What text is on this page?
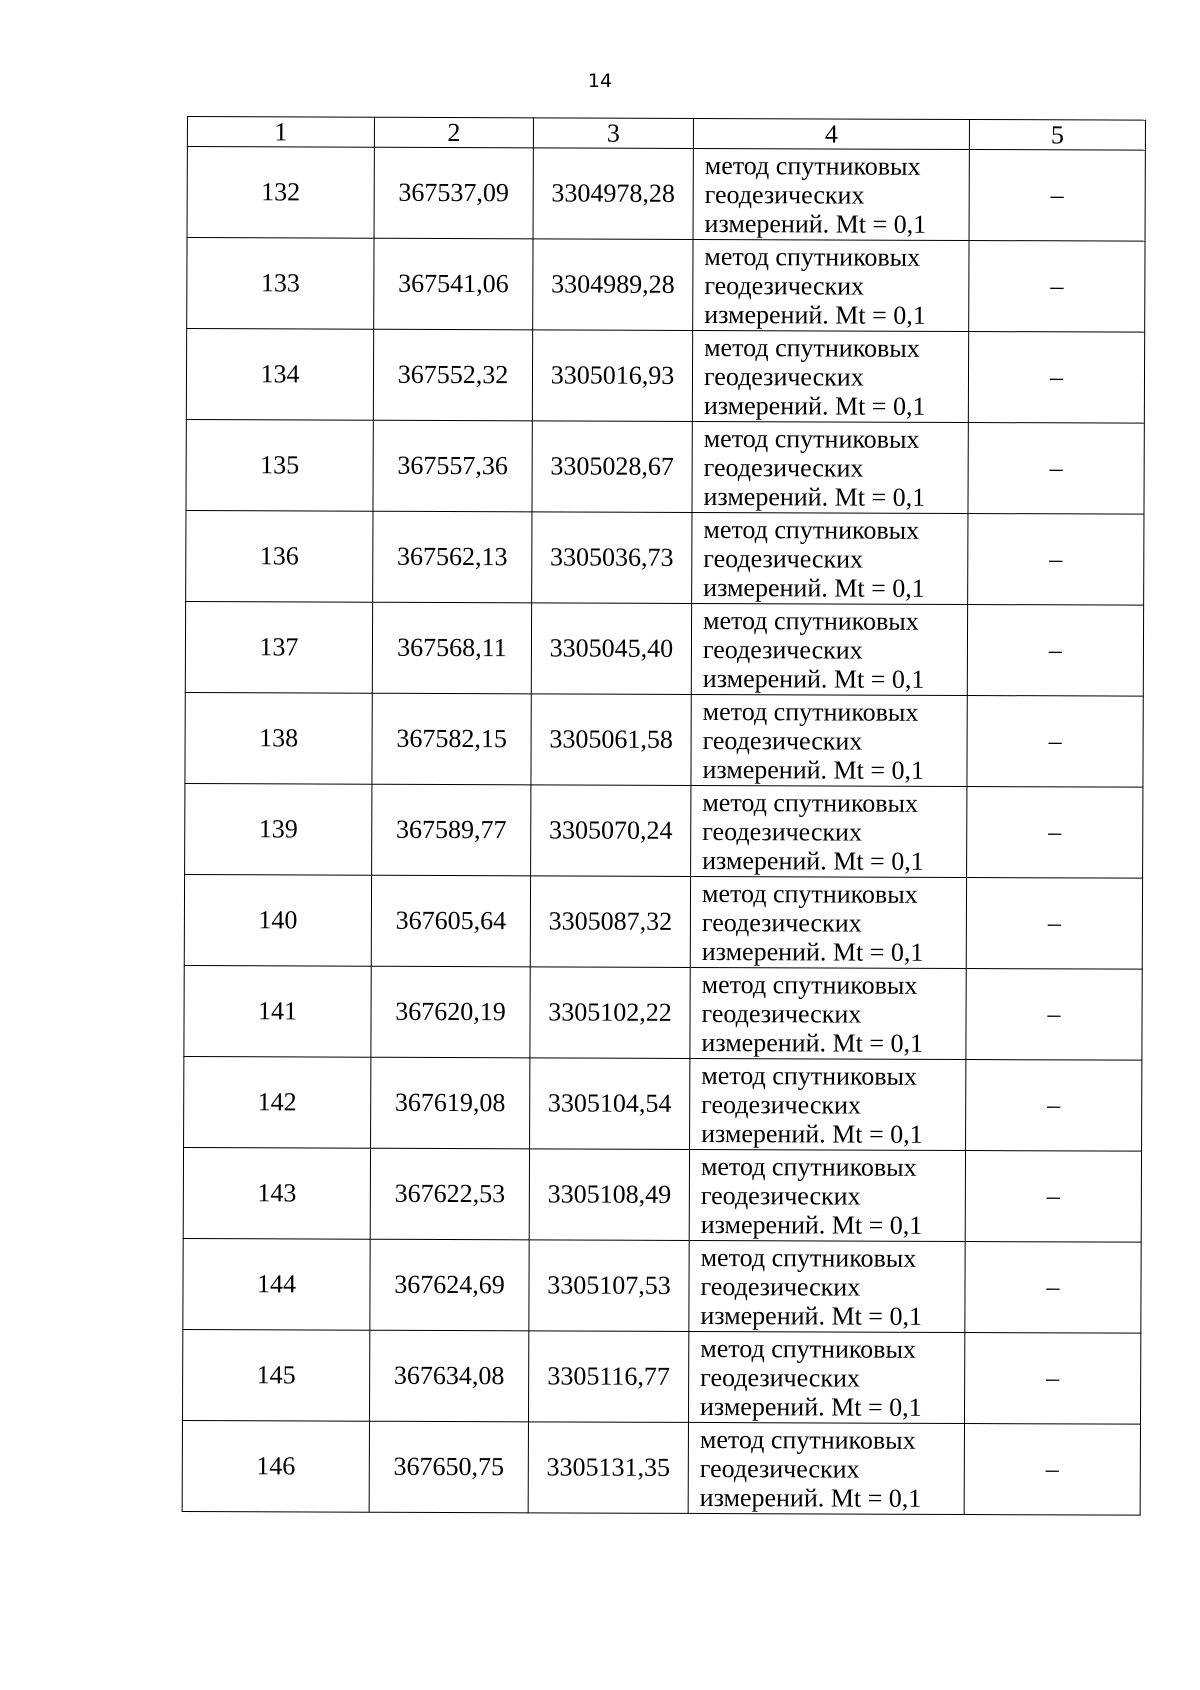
14
1	2	3	4	5
132	367537,09	3304978,28	метод спутниковых
геодезических
измерений. Mt = 0,1	–
133	367541,06	3304989,28	метод спутниковых
геодезических
измерений. Mt = 0,1	–
134	367552,32	3305016,93	метод спутниковых
геодезических
измерений. Mt = 0,1	–
135	367557,36	3305028,67	метод спутниковых
геодезических
измерений. Mt = 0,1	–
136	367562,13	3305036,73	метод спутниковых
геодезических
измерений. Mt = 0,1	–
137	367568,11	3305045,40	метод спутниковых
геодезических
измерений. Mt = 0,1	–
138	367582,15	3305061,58	метод спутниковых
геодезических
измерений. Mt = 0,1	–
139	367589,77	3305070,24	метод спутниковых
геодезических
измерений. Mt = 0,1	–
140	367605,64	3305087,32	метод спутниковых
геодезических
измерений. Mt = 0,1	–
141	367620,19	3305102,22	метод спутниковых
геодезических
измерений. Mt = 0,1	–
142	367619,08	3305104,54	метод спутниковых
геодезических
измерений. Mt = 0,1	–
143	367622,53	3305108,49	метод спутниковых
геодезических
измерений. Mt = 0,1	–
144	367624,69	3305107,53	метод спутниковых
геодезических
измерений. Mt = 0,1	–
145	367634,08	3305116,77	метод спутниковых
геодезических
измерений. Mt = 0,1	–
146	367650,75	3305131,35	метод спутниковых
геодезических
измерений. Mt = 0,1	–
